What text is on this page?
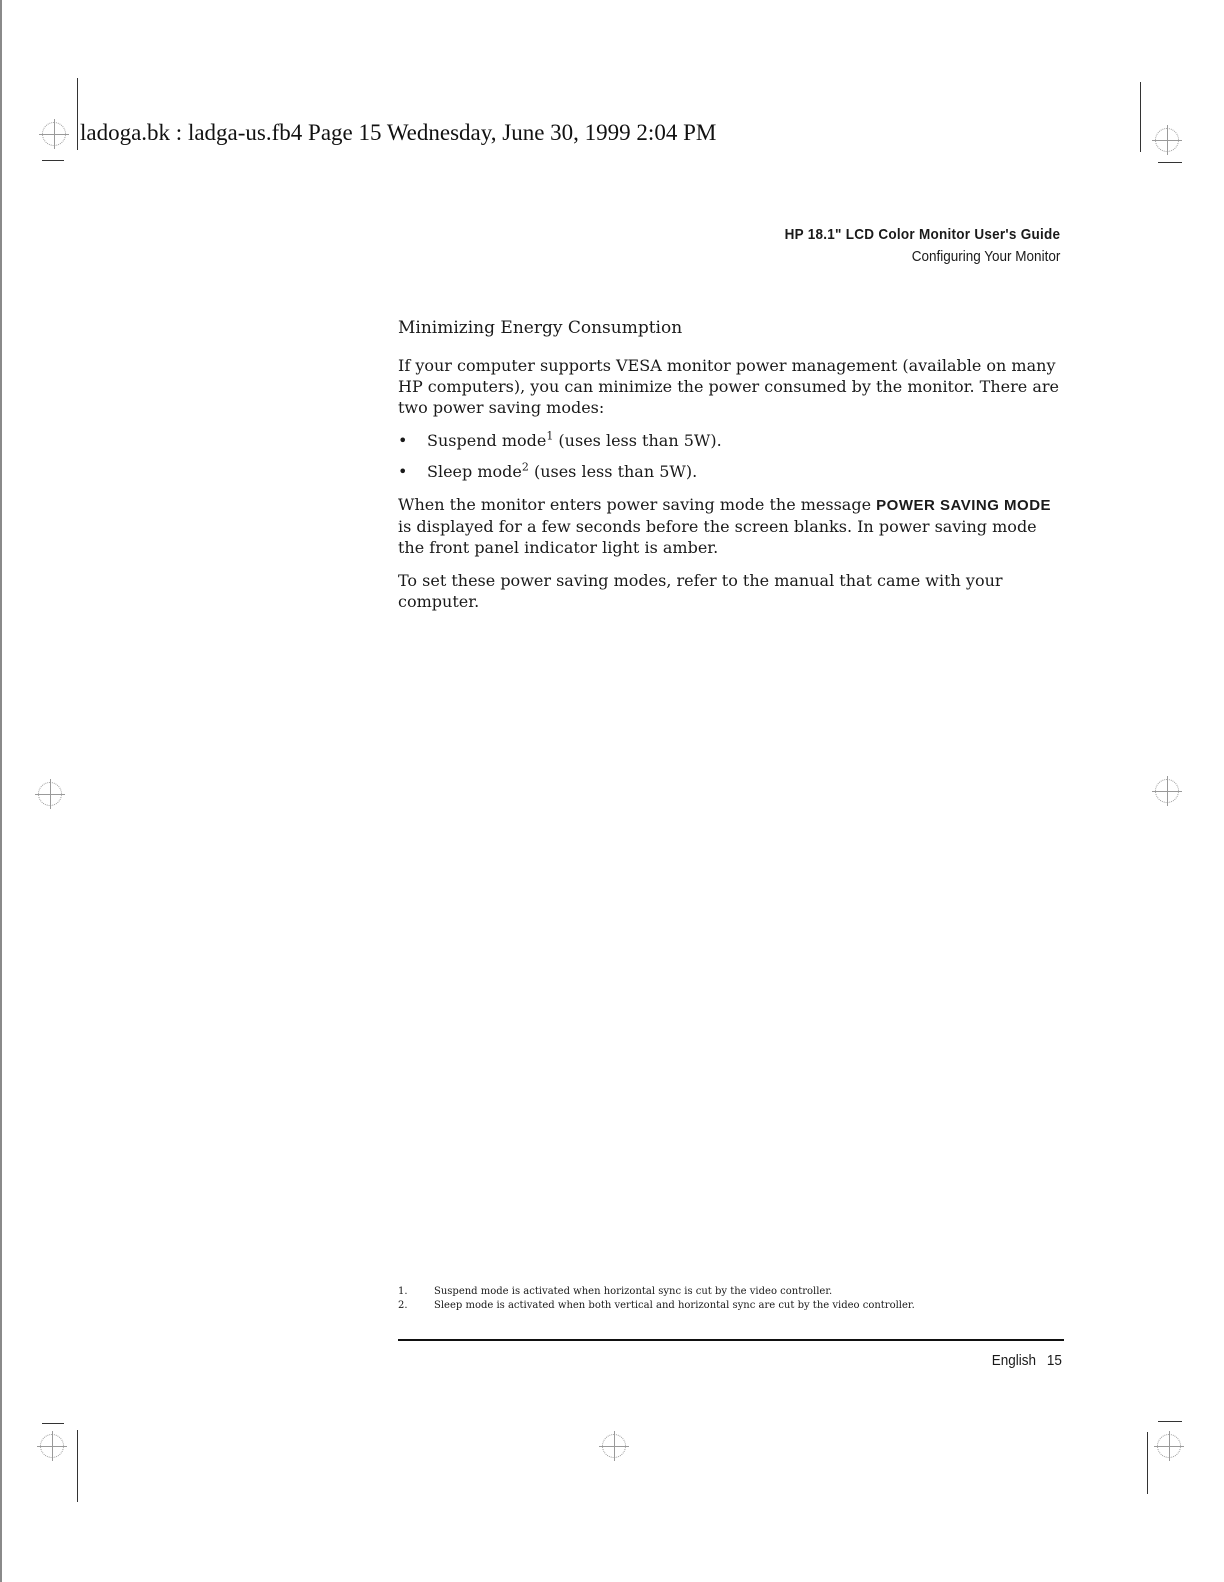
ladoga.bk : ladga-us.fb4 Page 15 Wednesday, June 30, 1999 2:04 PM
HP 18.1" LCD Color Monitor User's Guide
Configuring Your Monitor
Minimizing Energy Consumption

If your computer supports VESA monitor power management (available on many HP computers), you can minimize the power consumed by the monitor. There are two power saving modes:

• Suspend mode$^1$ (uses less than 5W).
• Sleep mode$^2$ (uses less than 5W).

When the monitor enters power saving mode the message POWER SAVING MODE is displayed for a few seconds before the screen blanks. In power saving mode the front panel indicator light is amber.

To set these power saving modes, refer to the manual that came with your computer.

1.	Suspend mode is activated when horizontal sync is cut by the video controller.
2.	Sleep mode is activated when both vertical and horizontal sync are cut by the video controller.
English 15
